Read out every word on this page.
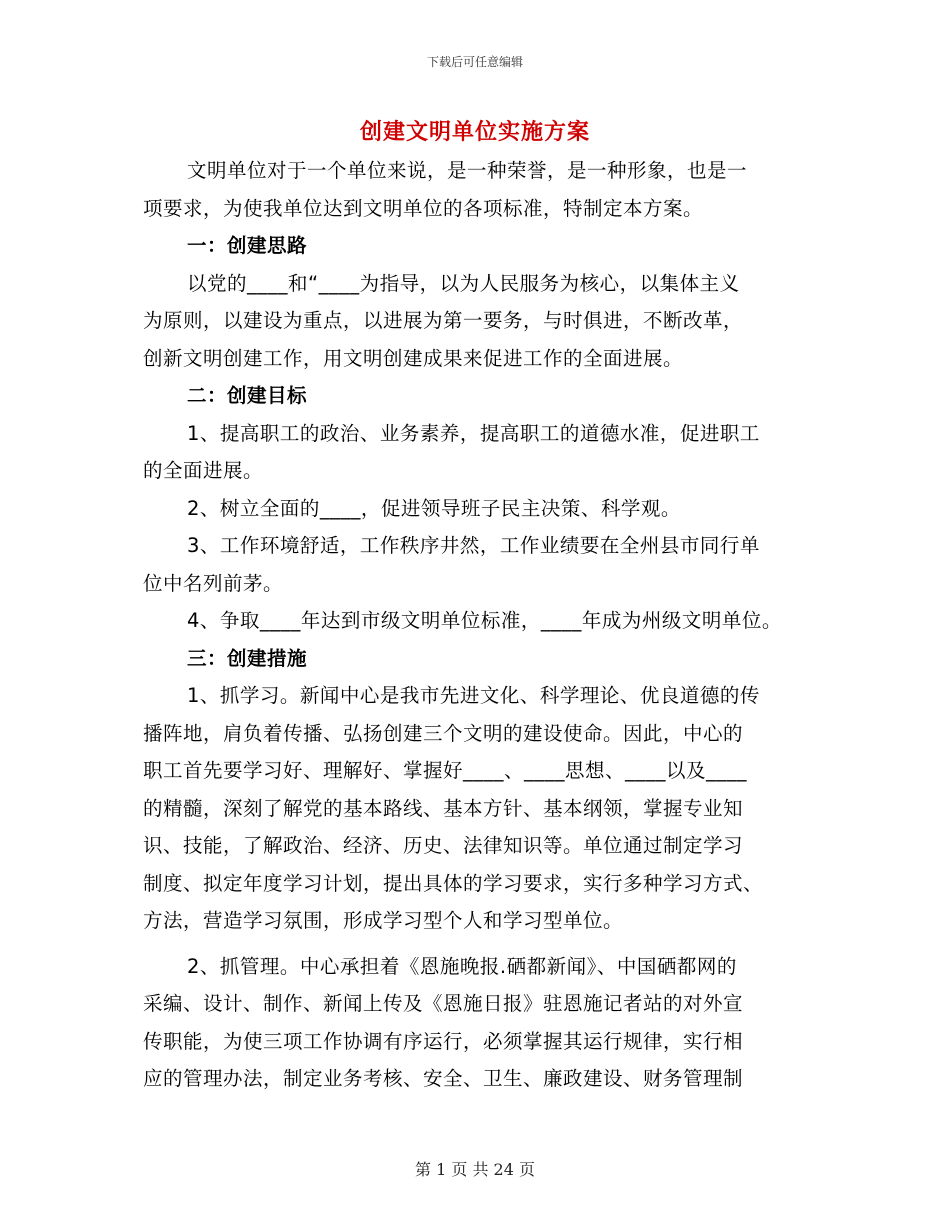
下载后可任意编辑
创建文明单位实施方案
文明单位对于一个单位来说，是一种荣誉，是一种形象，也是一
项要求，为使我单位达到文明单位的各项标准，特制定本方案。
一：创建思路
以党的____和“____为指导，以为人民服务为核心，以集体主义
为原则，以建设为重点，以进展为第一要务，与时俱进，不断改革，
创新文明创建工作，用文明创建成果来促进工作的全面进展。
二：创建目标
1、提高职工的政治、业务素养，提高职工的道德水准，促进职工
的全面进展。
2、树立全面的____，促进领导班子民主决策、科学观。
3、工作环境舒适，工作秩序井然，工作业绩要在全州县市同行单
位中名列前茅。
4、争取____年达到市级文明单位标准，____年成为州级文明单位。
三：创建措施
1、抓学习。新闻中心是我市先进文化、科学理论、优良道德的传
播阵地，肩负着传播、弘扬创建三个文明的建设使命。因此，中心的
职工首先要学习好、理解好、掌握好____、____思想、____以及____
的精髓，深刻了解党的基本路线、基本方针、基本纲领，掌握专业知
识、技能，了解政治、经济、历史、法律知识等。单位通过制定学习
制度、拟定年度学习计划，提出具体的学习要求，实行多种学习方式、
方法，营造学习氛围，形成学习型个人和学习型单位。
2、抓管理。中心承担着《恩施晚报.硒都新闻》、中国硒都网的
采编、设计、制作、新闻上传及《恩施日报》驻恩施记者站的对外宣
传职能，为使三项工作协调有序运行，必须掌握其运行规律，实行相
应的管理办法，制定业务考核、安全、卫生、廉政建设、财务管理制
第 1 页 共 24 页
